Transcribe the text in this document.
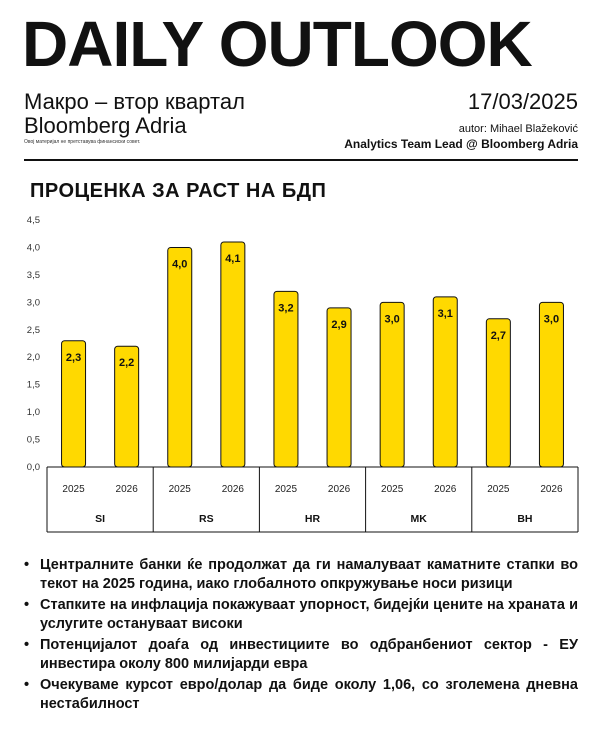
DAILY OUTLOOK
Макро – втор квартал
Bloomberg Adria
Овој материјал не претставува финансиски совет.
17/03/2025
autor: Mihael Blažeković
Analytics Team Lead @ Bloomberg Adria
ПРОЦЕНКА ЗА РАСТ НА БДП
0,0
0,5
1,0
1,5
2,0
2,5
3,0
3,5
4,0
4,5
2,3
2025
2,2
2026
SI
4,0
2025
4,1
2026
RS
3,2
2025
2,9
2026
HR
3,0
2025
3,1
2026
MK
2,7
2025
3,0
2026
BH
• Централните банки ќе продолжат да ги намалуваат каматните стапки во текот на 2025 година, иако глобалното опкружување носи ризици
• Стапките на инфлација покажуваат упорност, бидејќи цените на храната и услугите остануваат високи
• Потенцијалот доаѓа од инвестициите во одбранбениот сектор - ЕУ инвестира околу 800 милијарди евра
• Очекуваме курсот евро/долар да биде околу 1,06, со зголемена дневна нестабилност
